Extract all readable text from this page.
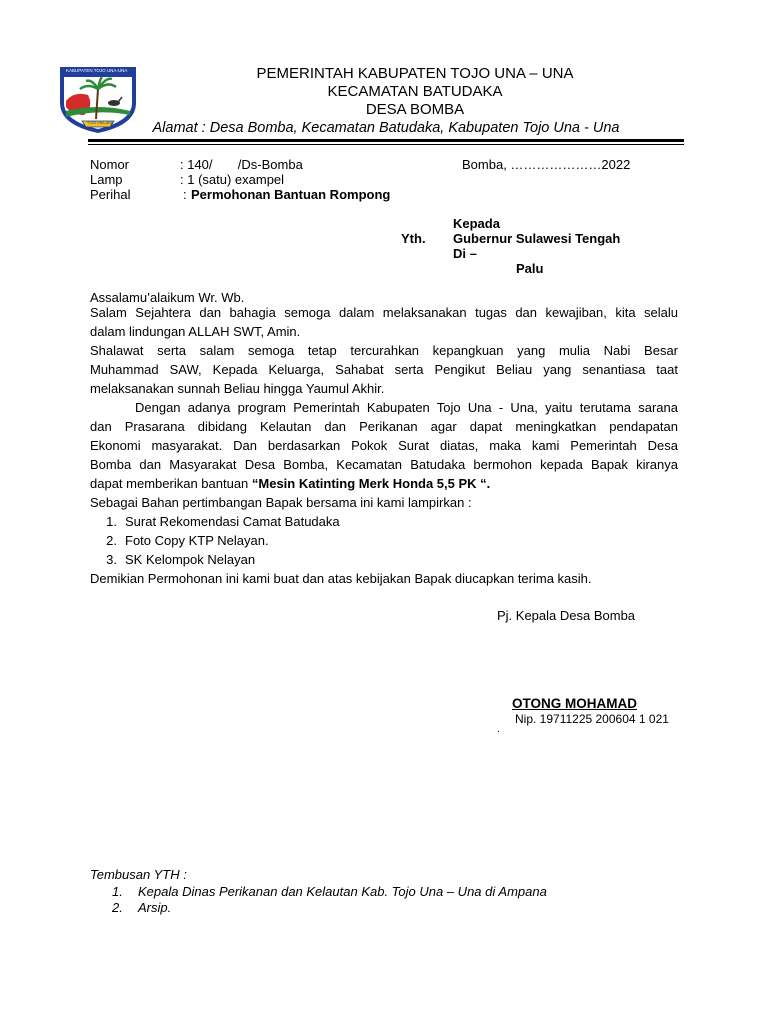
KABUPATEN TOJO UNA-UNA
TOJO UNA-UNA
PEMERINTAH KABUPATEN TOJO UNA – UNA
KECAMATAN BATUDAKA
DESA BOMBA
Alamat : Desa Bomba, Kecamatan Batudaka, Kabupaten Tojo Una - Una
Nomor	: 140/       /Ds-Bomba	Bomba, …………………2022
Lamp	: 1 (satu) exampel
Perihal	: Permohonan Bantuan Rompong
Kepada
Yth. Gubernur Sulawesi Tengah
Di –
Palu
Assalamu’alaikum Wr. Wb.

Salam Sejahtera dan bahagia semoga dalam melaksanakan tugas dan kewajiban, kita selalu

dalam lindungan ALLAH SWT, Amin.

Shalawat serta salam semoga tetap tercurahkan kepangkuan yang mulia Nabi Besar

Muhammad SAW, Kepada Keluarga, Sahabat serta Pengikut Beliau yang senantiasa taat

melaksanakan sunnah Beliau hingga Yaumul Akhir.

Dengan adanya program Pemerintah Kabupaten Tojo Una - Una, yaitu terutama sarana

dan Prasarana dibidang Kelautan dan Perikanan agar dapat meningkatkan pendapatan

Ekonomi masyarakat. Dan berdasarkan Pokok Surat diatas, maka kami Pemerintah Desa

Bomba dan Masyarakat Desa Bomba, Kecamatan Batudaka bermohon kepada Bapak kiranya

dapat memberikan bantuan “Mesin Katinting Merk Honda 5,5 PK “.

Sebagai Bahan pertimbangan Bapak bersama ini kami lampirkan :

1. Surat Rekomendasi Camat Batudaka

2. Foto Copy KTP Nelayan.

3. SK Kelompok Nelayan

Demikian Permohonan ini kami buat dan atas kebijakan Bapak diucapkan terima kasih.

Pj. Kepala Desa Bomba
OTONG MOHAMAD
Nip. 19711225 200604 1 021
.
Tembusan YTH :
1. Kepala Dinas Perikanan dan Kelautan Kab. Tojo Una – Una di Ampana
2. Arsip.
